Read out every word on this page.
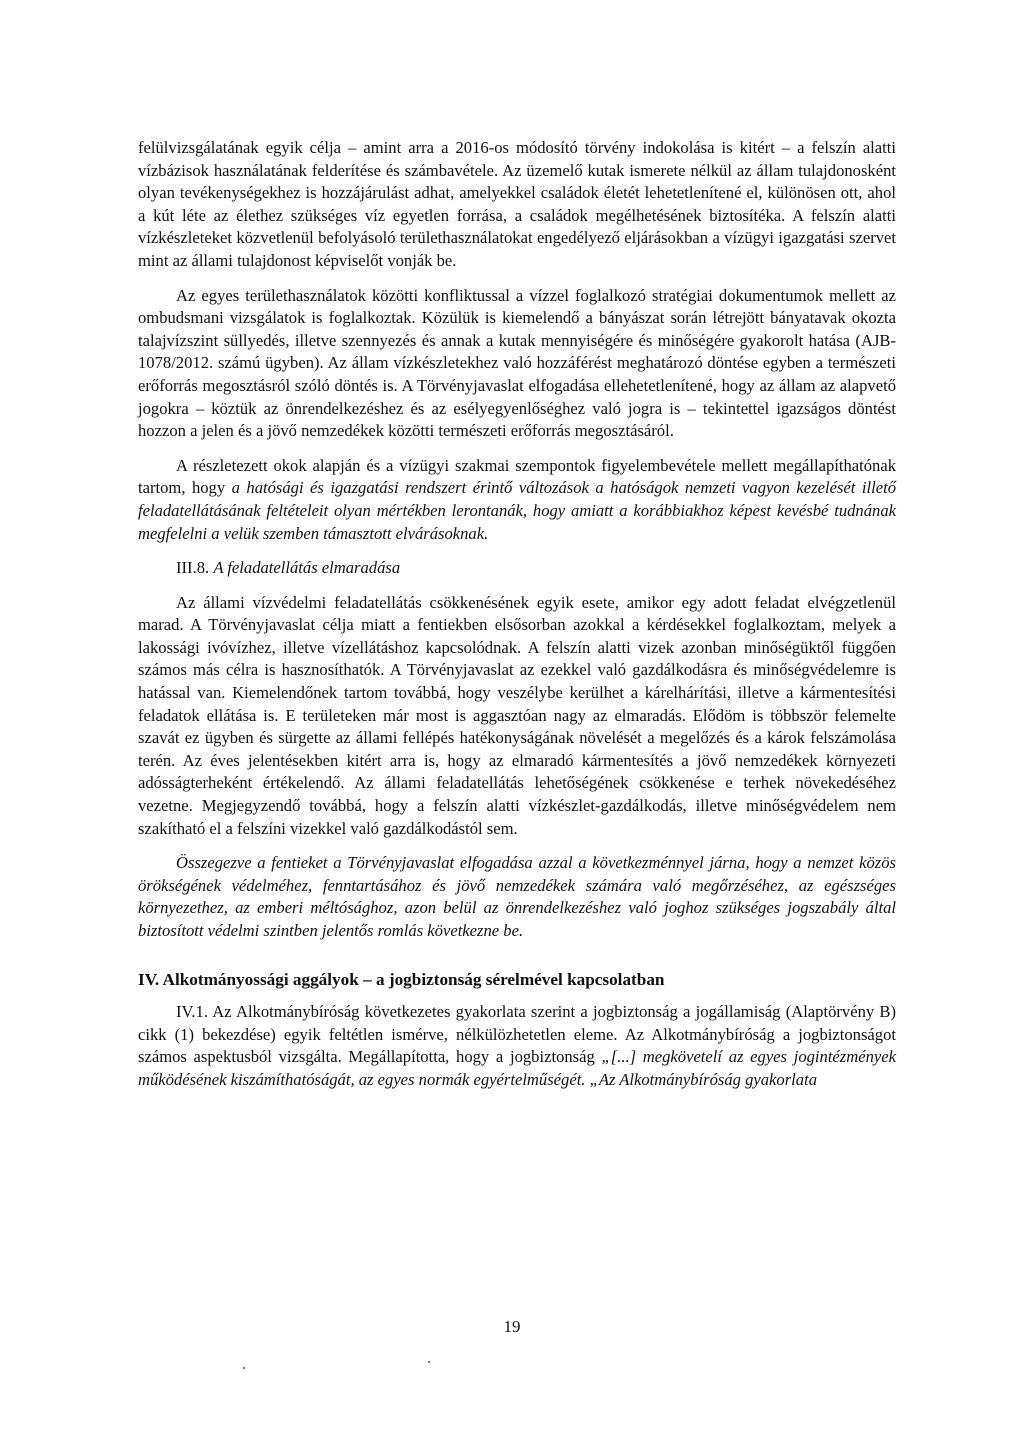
felülvizsgálatának egyik célja – amint arra a 2016-os módosító törvény indokolása is kitért – a felszín alatti vízbázisok használatának felderítése és számbavétele. Az üzemelő kutak ismerete nélkül az állam tulajdonosként olyan tevékenységekhez is hozzájárulást adhat, amelyekkel családok életét lehetetlenítené el, különösen ott, ahol a kút léte az élethez szükséges víz egyetlen forrása, a családok megélhetésének biztosítéka. A felszín alatti vízkészleteket közvetlenül befolyásoló területhasználatokat engedélyező eljárásokban a vízügyi igazgatási szervet mint az állami tulajdonost képviselőt vonják be.

Az egyes területhasználatok közötti konfliktussal a vízzel foglalkozó stratégiai dokumentumok mellett az ombudsmani vizsgálatok is foglalkoztak. Közülük is kiemelendő a bányászat során létrejött bányatavak okozta talajvízszint süllyedés, illetve szennyezés és annak a kutak mennyiségére és minőségére gyakorolt hatása (AJB-1078/2012. számú ügyben). Az állam vízkészletekhez való hozzáférést meghatározó döntése egyben a természeti erőforrás megosztásról szóló döntés is. A Törvényjavaslat elfogadása ellehetetlenítené, hogy az állam az alapvető jogokra – köztük az önrendelkezéshez és az esélyegyenlőséghez való jogra is – tekintettel igazságos döntést hozzon a jelen és a jövő nemzedékek közötti természeti erőforrás megosztásáról.

A részletezett okok alapján és a vízügyi szakmai szempontok figyelembevétele mellett megállapíthatónak tartom, hogy a hatósági és igazgatási rendszert érintő változások a hatóságok nemzeti vagyon kezelését illető feladatellátásának feltételeit olyan mértékben lerontanák, hogy amiatt a korábbiakhoz képest kevésbé tudnának megfelelni a velük szemben támasztott elvárásoknak.

III.8. A feladatellátás elmaradása

Az állami vízvédelmi feladatellátás csökkenésének egyik esete, amikor egy adott feladat elvégzetlenül marad. A Törvényjavaslat célja miatt a fentiekben elsősorban azokkal a kérdésekkel foglalkoztam, melyek a lakossági ivóvízhez, illetve vízellátáshoz kapcsolódnak. A felszín alatti vizek azonban minőségüktől függően számos más célra is hasznosíthatók. A Törvényjavaslat az ezekkel való gazdálkodásra és minőségvédelemre is hatással van. Kiemelendőnek tartom továbbá, hogy veszélybe kerülhet a kárelhárítási, illetve a kármentesítési feladatok ellátása is. E területeken már most is aggasztóan nagy az elmaradás. Elődöm is többször felemelte szavát ez ügyben és sürgette az állami fellépés hatékonyságának növelését a megelőzés és a károk felszámolása terén. Az éves jelentésekben kitért arra is, hogy az elmaradó kármentesítés a jövő nemzedékek környezeti adósságterheként értékelendő. Az állami feladatellátás lehetőségének csökkenése e terhek növekedéséhez vezetne. Megjegyzendő továbbá, hogy a felszín alatti vízkészlet-gazdálkodás, illetve minőségvédelem nem szakítható el a felszíni vizekkel való gazdálkodástól sem.

Összegezve a fentieket a Törvényjavaslat elfogadása azzal a következménnyel járna, hogy a nemzet közös örökségének védelméhez, fenntartásához és jövő nemzedékek számára való megőrzéséhez, az egészséges környezethez, az emberi méltósághoz, azon belül az önrendelkezéshez való joghoz szükséges jogszabály által biztosított védelmi szintben jelentős romlás következne be.

IV. Alkotmányossági aggályok – a jogbiztonság sérelmével kapcsolatban

IV.1. Az Alkotmánybíróság következetes gyakorlata szerint a jogbiztonság a jogállamiság (Alaptörvény B) cikk (1) bekezdése) egyik feltétlen ismérve, nélkülözhetetlen eleme. Az Alkotmánybíróság a jogbiztonságot számos aspektusból vizsgálta. Megállapította, hogy a jogbiztonság „[...] megkövetelí az egyes jogintézmények működésének kiszámíthatóságát, az egyes normák egyértelműségét. „Az Alkotmánybíróság gyakorlata

19
